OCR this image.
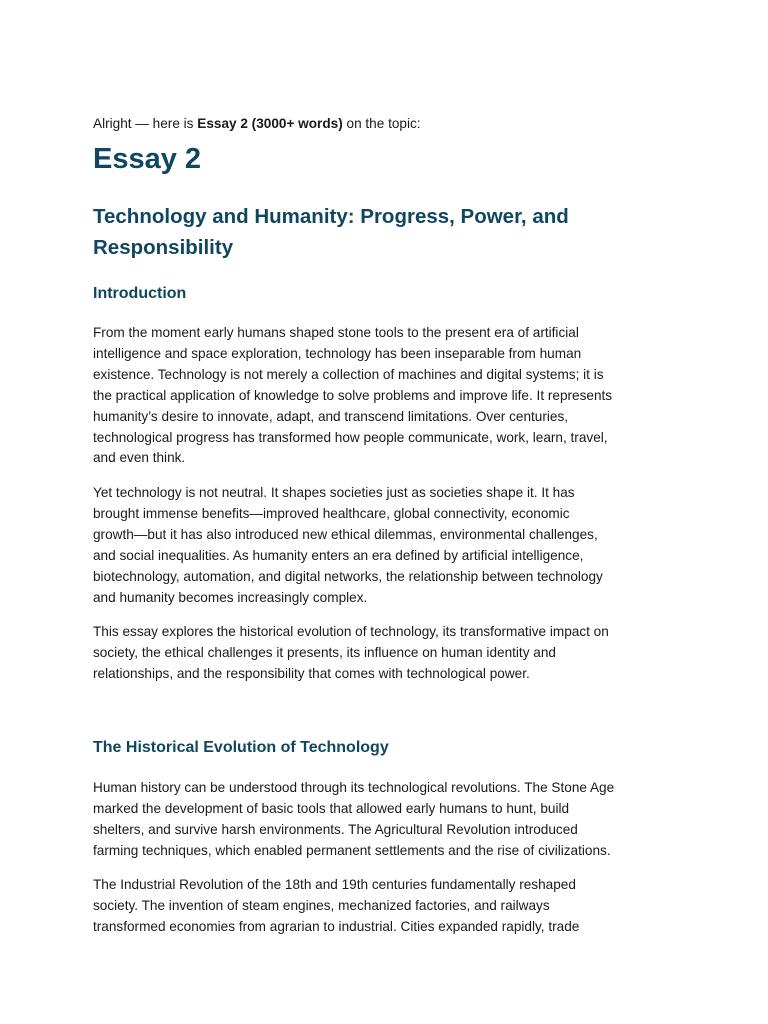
Alright — here is Essay 2 (3000+ words) on the topic:

Essay 2
Technology and Humanity: Progress, Power, and
Responsibility
Introduction

From the moment early humans shaped stone tools to the present era of artificial
intelligence and space exploration, technology has been inseparable from human
existence. Technology is not merely a collection of machines and digital systems; it is
the practical application of knowledge to solve problems and improve life. It represents
humanity’s desire to innovate, adapt, and transcend limitations. Over centuries,
technological progress has transformed how people communicate, work, learn, travel,
and even think.

Yet technology is not neutral. It shapes societies just as societies shape it. It has
brought immense benefits—improved healthcare, global connectivity, economic
growth—but it has also introduced new ethical dilemmas, environmental challenges,
and social inequalities. As humanity enters an era defined by artificial intelligence,
biotechnology, automation, and digital networks, the relationship between technology
and humanity becomes increasingly complex.

This essay explores the historical evolution of technology, its transformative impact on
society, the ethical challenges it presents, its influence on human identity and
relationships, and the responsibility that comes with technological power.

The Historical Evolution of Technology

Human history can be understood through its technological revolutions. The Stone Age
marked the development of basic tools that allowed early humans to hunt, build
shelters, and survive harsh environments. The Agricultural Revolution introduced
farming techniques, which enabled permanent settlements and the rise of civilizations.

The Industrial Revolution of the 18th and 19th centuries fundamentally reshaped
society. The invention of steam engines, mechanized factories, and railways
transformed economies from agrarian to industrial. Cities expanded rapidly, trade
